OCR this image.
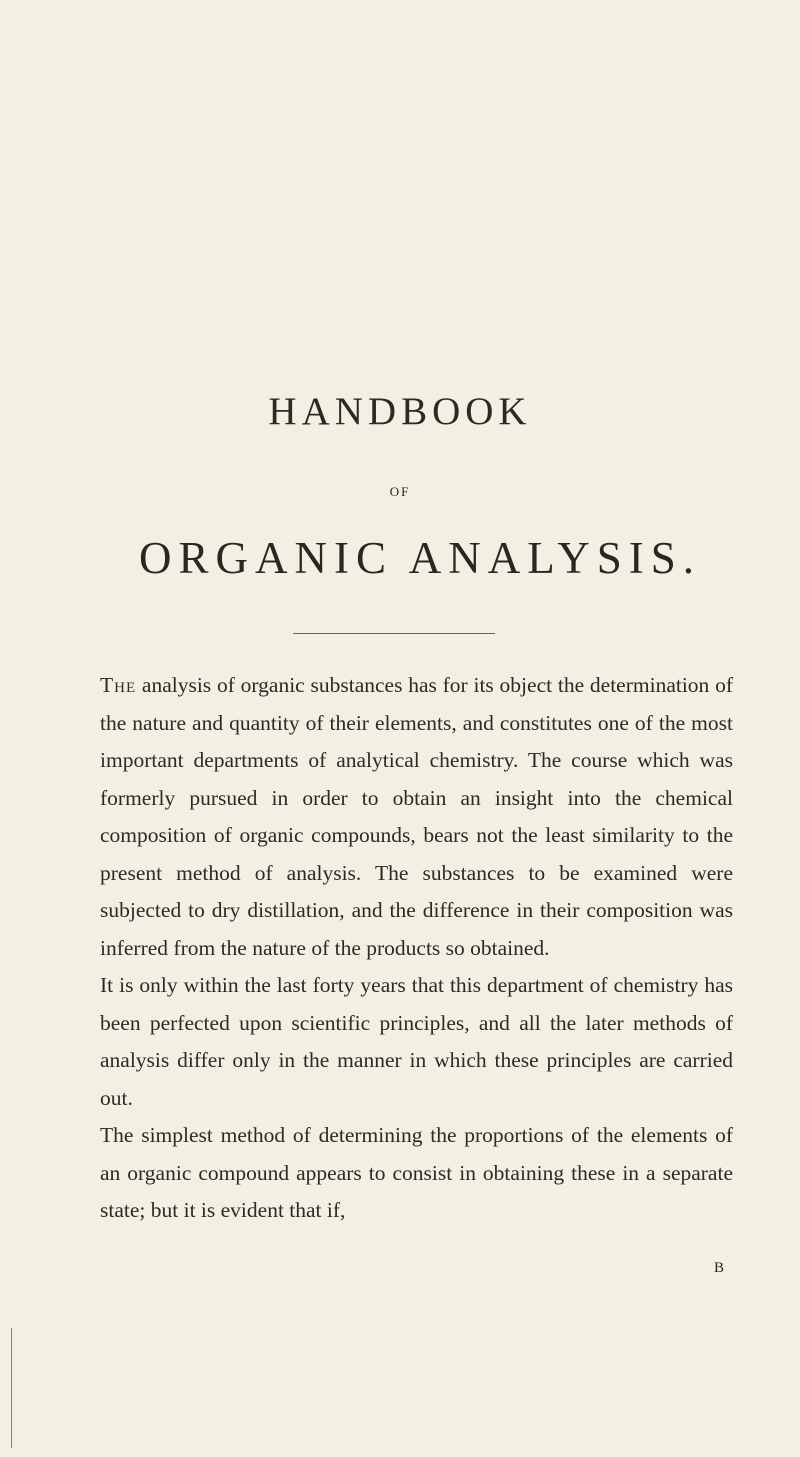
HANDBOOK
OF
ORGANIC ANALYSIS.

The analysis of organic substances has for its object the determination of the nature and quantity of their elements, and constitutes one of the most important departments of analytical chemistry. The course which was formerly pursued in order to obtain an insight into the chemical composition of organic compounds, bears not the least similarity to the present method of analysis. The substances to be examined were subjected to dry distillation, and the difference in their composition was inferred from the nature of the products so obtained.

It is only within the last forty years that this department of chemistry has been perfected upon scientific principles, and all the later methods of analysis differ only in the manner in which these principles are carried out.

The simplest method of determining the proportions of the elements of an organic compound appears to consist in obtaining these in a separate state; but it is evident that if,

B
